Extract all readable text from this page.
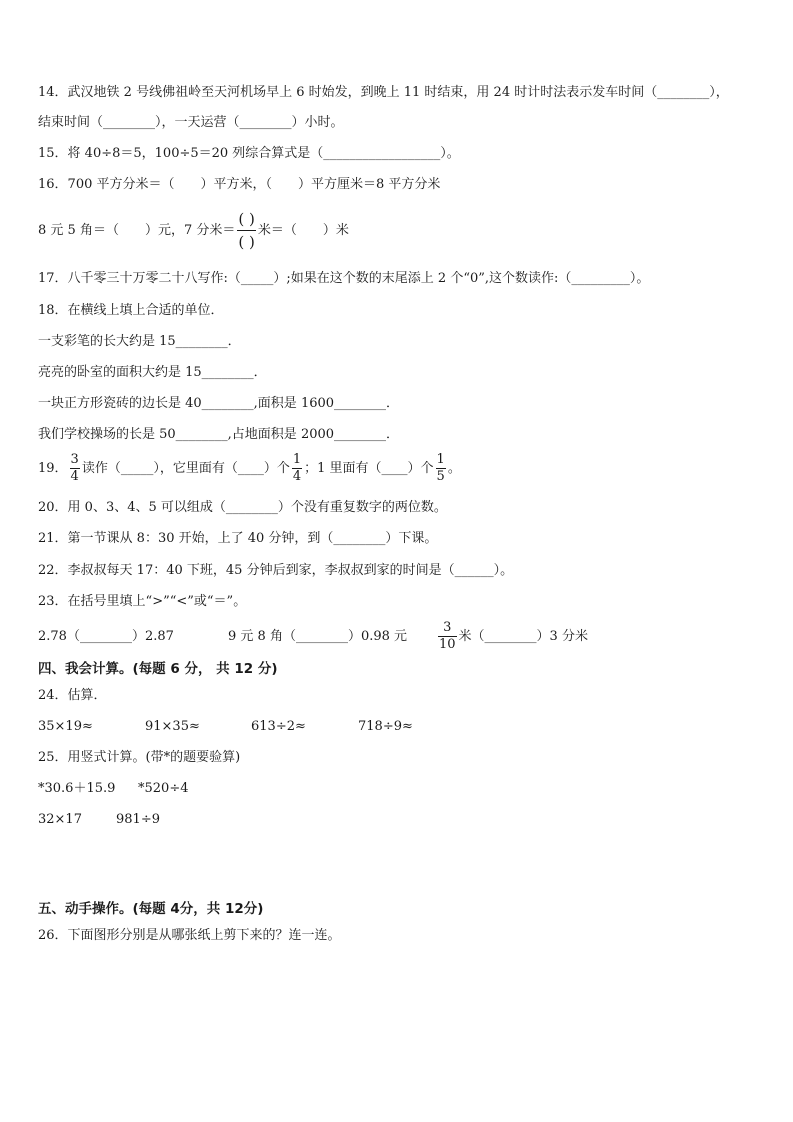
14．武汉地铁 2 号线佛祖岭至天河机场早上 6 时始发，到晚上 11 时结束，用 24 时计时法表示发车时间（________），
结束时间（________），一天运营（________）小时。
15．将 40÷8＝5，100÷5＝20 列综合算式是（__________________）。
16．700 平方分米＝（　　）平方米，（　　）平方厘米＝8 平方分米
8 元 5 角＝（　　）元，7 分米＝ $\frac{( )}{( )}$ 米＝（　　）米
17．八千零三十万零二十八写作:（_____）;如果在这个数的末尾添上 2 个“0”,这个数读作:（_________）。
18．在横线上填上合适的单位．
一支彩笔的长大约是 15________．
亮亮的卧室的面积大约是 15________．
一块正方形瓷砖的边长是 40________,面积是 1600________．
我们学校操场的长是 50________,占地面积是 2000________．
19． $\frac{3}{4}$ 读作（_____），它里面有（____）个 $\frac{1}{4}$ ；1 里面有（____）个 $\frac{1}{5}$ 。
20．用 0、3、4、5 可以组成（________）个没有重复数字的两位数。
21．第一节课从 8：30 开始，上了 40 分钟，到（________）下课。
22．李叔叔每天 17：40 下班，45 分钟后到家，李叔叔到家的时间是（______）。
23．在括号里填上“>”“<”或“＝”。
2.78（________）2.87	9 元 8 角（________）0.98 元 $\frac{3}{10}$ 米（________）3 分米
四、我会计算。(每题 6 分， 共 12 分)
24．估算．
35×19≈	91×35≈	613÷2≈	718÷9≈
25．用竖式计算。(带*的题要验算)
*30.6＋15.9 *520÷4
32×17	981÷9
五、动手操作。(每题 4分，共 12分)
26．下面图形分别是从哪张纸上剪下来的？连一连。
